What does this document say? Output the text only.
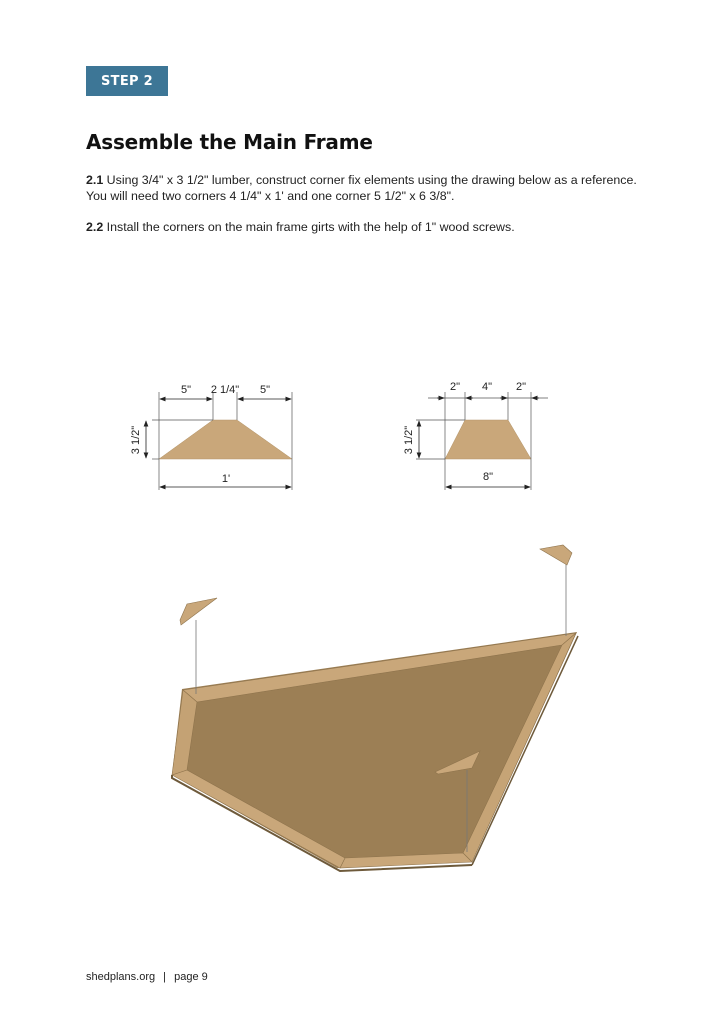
STEP 2
Assemble the Main Frame
2.1 Using 3/4" x 3 1/2" lumber, construct corner fix elements using the drawing below as a reference.
You will need two corners 4 1/4" x 1' and one corner 5 1/2" x 6 3/8".
2.2 Install the corners on the main frame girts with the help of 1" wood screws.
5" 2 1/4" 5"
1'
3 1/2"
2" 4" 2"
8"
3 1/2"
shedplans.org | page 9
